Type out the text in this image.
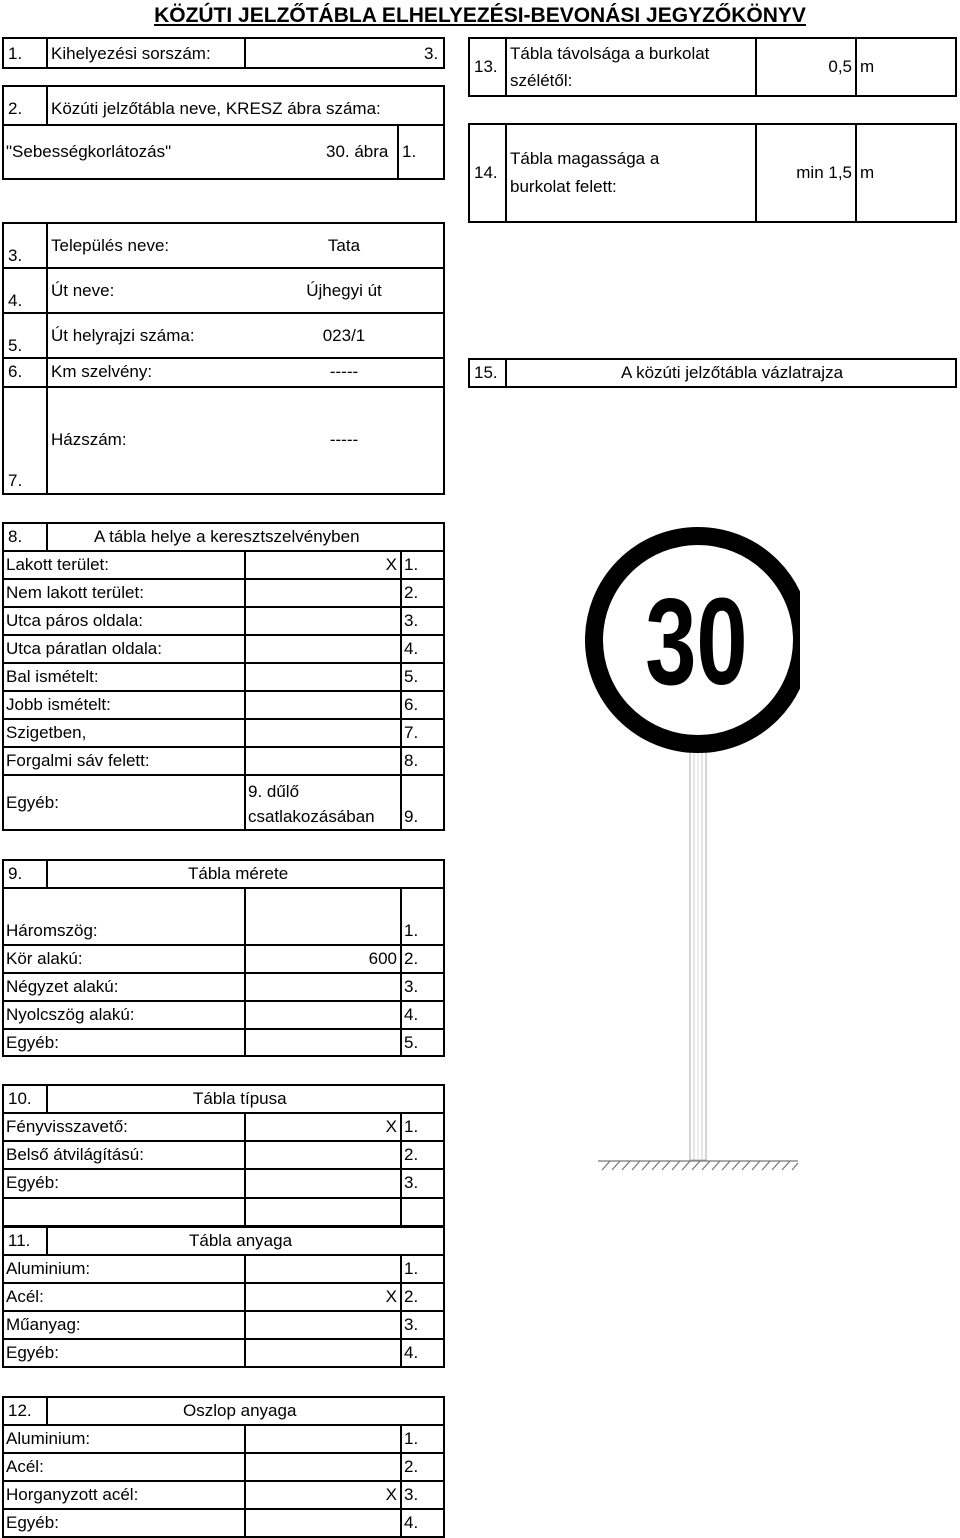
KÖZÚTI JELZŐTÁBLA ELHELYEZÉSI-BEVONÁSI JEGYZŐKÖNYV
1. Kihelyezési sorszám:	3.
2. Közúti jelzőtábla neve, KRESZ ábra száma:
"Sebességkorlátozás"	30. ábra 1.
3.
Település neve:	Tata
4.
Út neve:	Újhegyi út
5.
Út helyrajzi száma:	023/1
6. Km szelvény:	-----
7.
Házszám:	-----
8.	A tábla helye a keresztszelvényben
Lakott terület:	X 1.
Nem lakott terület:	2.
Utca páros oldala:	3.
Utca páratlan oldala:	4.
Bal ismételt:	5.
Jobb ismételt:	6.
Szigetben,	7.
Forgalmi sáv felett:	8.
Egyéb:
9. dűlő
csatlakozásában 9.
9.	Tábla mérete
Háromszög:	1.
Kör alakú:	600 2.
Négyzet alakú:	3.
Nyolcszög alakú:	4.
Egyéb:	5.
10.	Tábla típusa
Fényvisszavető:	X 1.
Belső átvilágítású:	2.
Egyéb:	3.
11.	Tábla anyaga
Aluminium:	1.
Acél:	X 2.
Műanyag:	3.
Egyéb:	4.
12.	Oszlop anyaga
Aluminium:	1.
Acél:	2.
Horganyzott acél:	X 3.
Egyéb:	4.
13.
Tábla távolsága a burkolat
szélétől:
0,5 m
14.
Tábla magassága a
burkolat felett:
min 1,5 m
15.	A közúti jelzőtábla vázlatrajza
30
